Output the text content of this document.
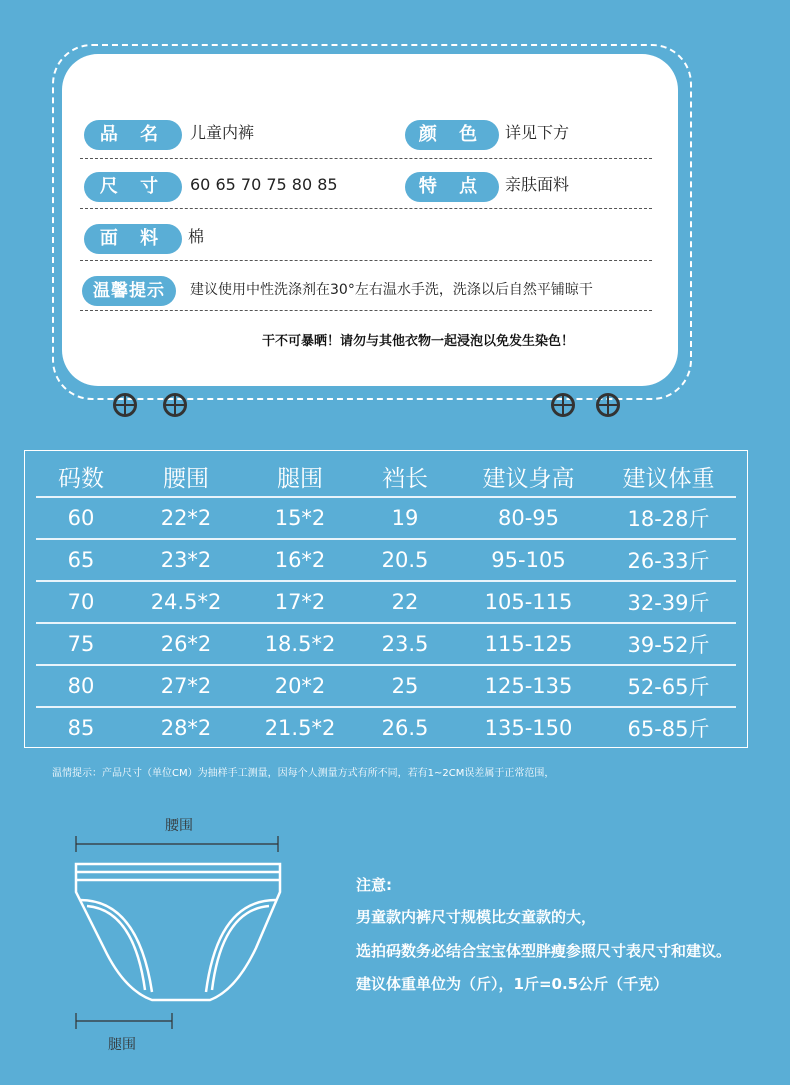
品 名	儿童内裤	颜 色	详见下方
尺 寸	60 65 70 75 80 85	特 点	亲肤面料
面 料	棉
温馨提示	建议使用中性洗涤剂在30°左右温水手洗，洗涤以后自然平铺晾干
干不可暴晒！请勿与其他衣物一起浸泡以免发生染色！
码数	腰围	腿围	裆长	建议身高	建议体重
60	22*2	15*2	19	80-95	18-28斤
65	23*2	16*2	20.5	95-105	26-33斤
70	24.5*2	17*2	22	105-115	32-39斤
75	26*2	18.5*2	23.5	115-125	39-52斤
80	27*2	20*2	25	125-135	52-65斤
85	28*2	21.5*2	26.5	135-150	65-85斤
温情提示：产品尺寸（单位CM）为抽样手工测量，因每个人测量方式有所不同，若有1~2CM误差属于正常范围，
腰围
腿围
注意:
男童款内裤尺寸规模比女童款的大，
选拍码数务必结合宝宝体型胖瘦参照尺寸表尺寸和建议。
建议体重单位为（斤），1斤=0.5公斤（千克）
